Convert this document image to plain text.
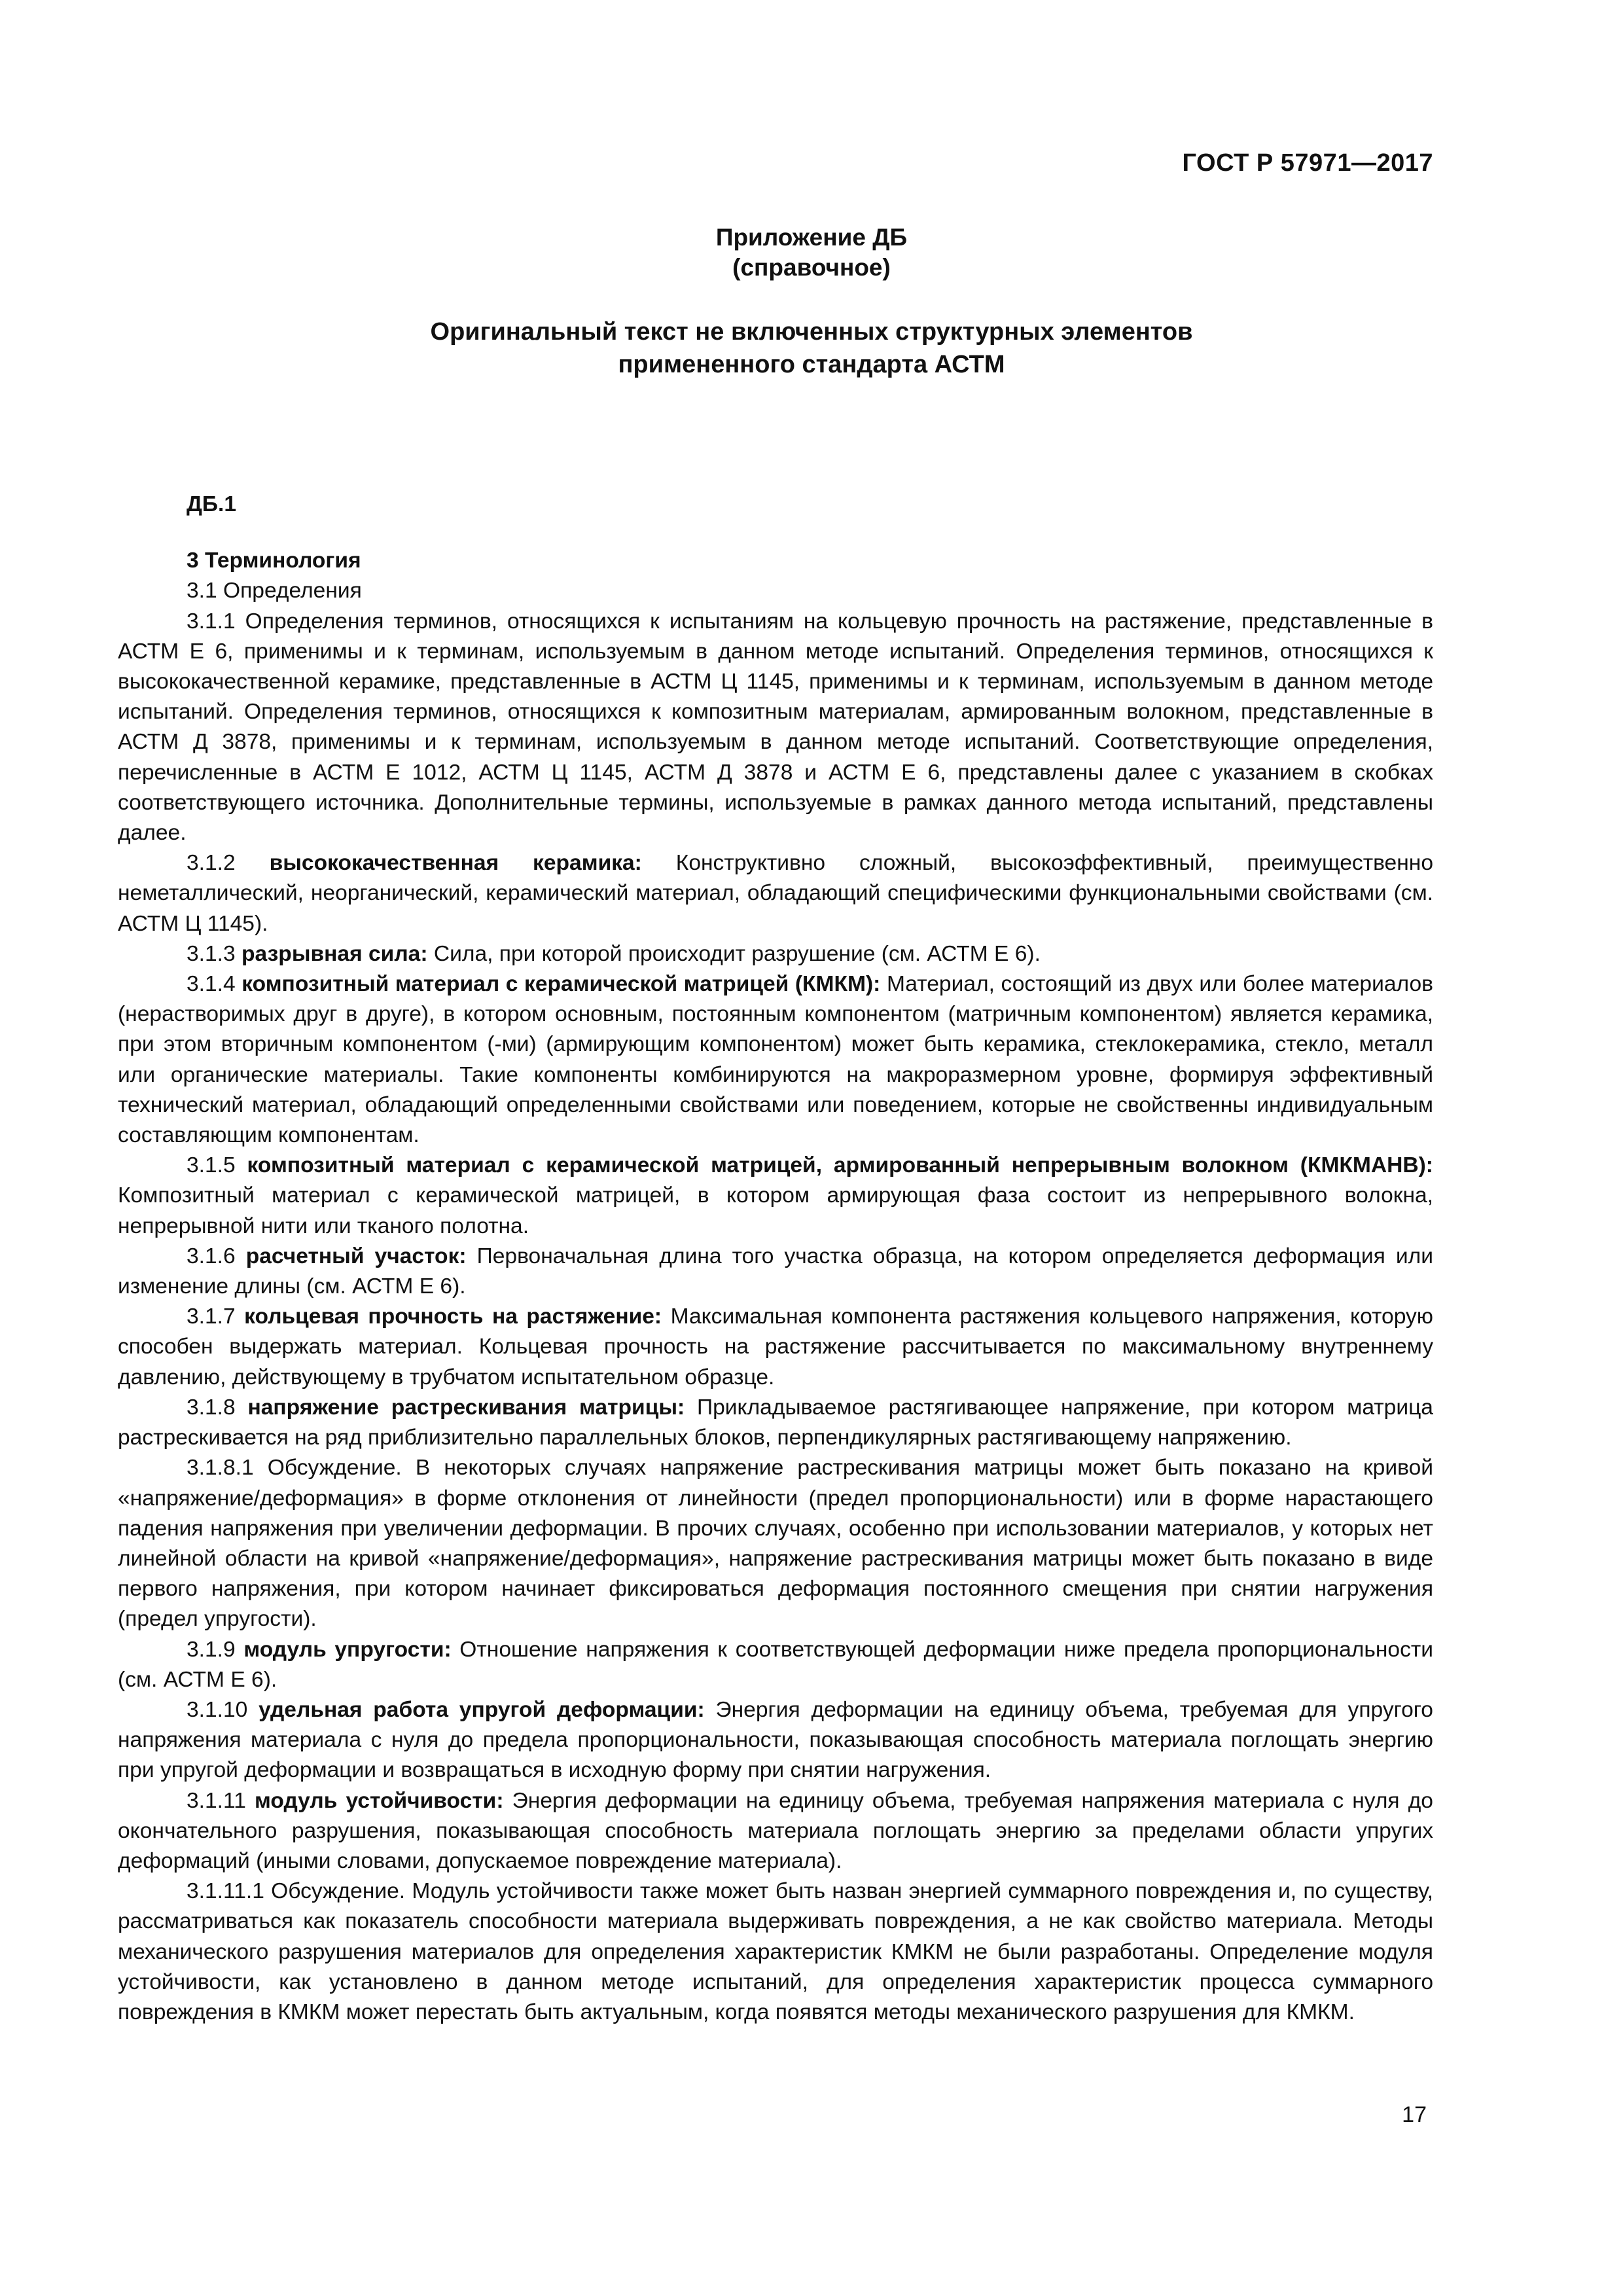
ГОСТ Р 57971—2017
Приложение ДБ
(справочное)
Оригинальный текст не включенных структурных элементов
примененного стандарта АСТМ

ДБ.1

3 Терминология

3.1 Определения

3.1.1 Определения терминов, относящихся к испытаниям на кольцевую прочность на растяжение, представленные в АСТМ Е 6, применимы и к терминам, используемым в данном методе испытаний. Определения терминов, относящихся к высококачественной керамике, представленные в АСТМ Ц 1145, применимы и к терминам, используемым в данном методе испытаний. Определения терминов, относящихся к композитным материалам, армированным волокном, представленные в АСТМ Д 3878, применимы и к терминам, используемым в данном методе испытаний. Соответствующие определения, перечисленные в АСТМ Е 1012, АСТМ Ц 1145, АСТМ Д 3878 и АСТМ Е 6, представлены далее с указанием в скобках соответствующего источника. Дополнительные термины, используемые в рамках данного метода испытаний, представлены далее.

3.1.2 высококачественная керамика: Конструктивно сложный, высокоэффективный, преимущественно неметаллический, неорганический, керамический материал, обладающий специфическими функциональными свойствами (см. АСТМ Ц 1145).

3.1.3 разрывная сила: Сила, при которой происходит разрушение (см. АСТМ Е 6).

3.1.4 композитный материал с керамической матрицей (КМКМ): Материал, состоящий из двух или более материалов (нерастворимых друг в друге), в котором основным, постоянным компонентом (матричным компонентом) является керамика, при этом вторичным компонентом (-ми) (армирующим компонентом) может быть керамика, стеклокерамика, стекло, металл или органические материалы. Такие компоненты комбинируются на макроразмерном уровне, формируя эффективный технический материал, обладающий определенными свойствами или поведением, которые не свойственны индивидуальным составляющим компонентам.

3.1.5 композитный материал с керамической матрицей, армированный непрерывным волокном (КМКМАНВ): Композитный материал с керамической матрицей, в котором армирующая фаза состоит из непрерывного волокна, непрерывной нити или тканого полотна.

3.1.6 расчетный участок: Первоначальная длина того участка образца, на котором определяется деформация или изменение длины (см. АСТМ Е 6).

3.1.7 кольцевая прочность на растяжение: Максимальная компонента растяжения кольцевого напряжения, которую способен выдержать материал. Кольцевая прочность на растяжение рассчитывается по максимальному внутреннему давлению, действующему в трубчатом испытательном образце.

3.1.8 напряжение растрескивания матрицы: Прикладываемое растягивающее напряжение, при котором матрица растрескивается на ряд приблизительно параллельных блоков, перпендикулярных растягивающему напряжению.

3.1.8.1 Обсуждение. В некоторых случаях напряжение растрескивания матрицы может быть показано на кривой «напряжение/деформация» в форме отклонения от линейности (предел пропорциональности) или в форме нарастающего падения напряжения при увеличении деформации. В прочих случаях, особенно при использовании материалов, у которых нет линейной области на кривой «напряжение/деформация», напряжение растрескивания матрицы может быть показано в виде первого напряжения, при котором начинает фиксироваться деформация постоянного смещения при снятии нагружения (предел упругости).

3.1.9 модуль упругости: Отношение напряжения к соответствующей деформации ниже предела пропорциональности (см. АСТМ Е 6).

3.1.10 удельная работа упругой деформации: Энергия деформации на единицу объема, требуемая для упругого напряжения материала с нуля до предела пропорциональности, показывающая способность материала поглощать энергию при упругой деформации и возвращаться в исходную форму при снятии нагружения.

3.1.11 модуль устойчивости: Энергия деформации на единицу объема, требуемая напряжения материала с нуля до окончательного разрушения, показывающая способность материала поглощать энергию за пределами области упругих деформаций (иными словами, допускаемое повреждение материала).

3.1.11.1 Обсуждение. Модуль устойчивости также может быть назван энергией суммарного повреждения и, по существу, рассматриваться как показатель способности материала выдерживать повреждения, а не как свойство материала. Методы механического разрушения материалов для определения характеристик КМКМ не были разработаны. Определение модуля устойчивости, как установлено в данном методе испытаний, для определения характеристик процесса суммарного повреждения в КМКМ может перестать быть актуальным, когда появятся методы механического разрушения для КМКМ.

17
